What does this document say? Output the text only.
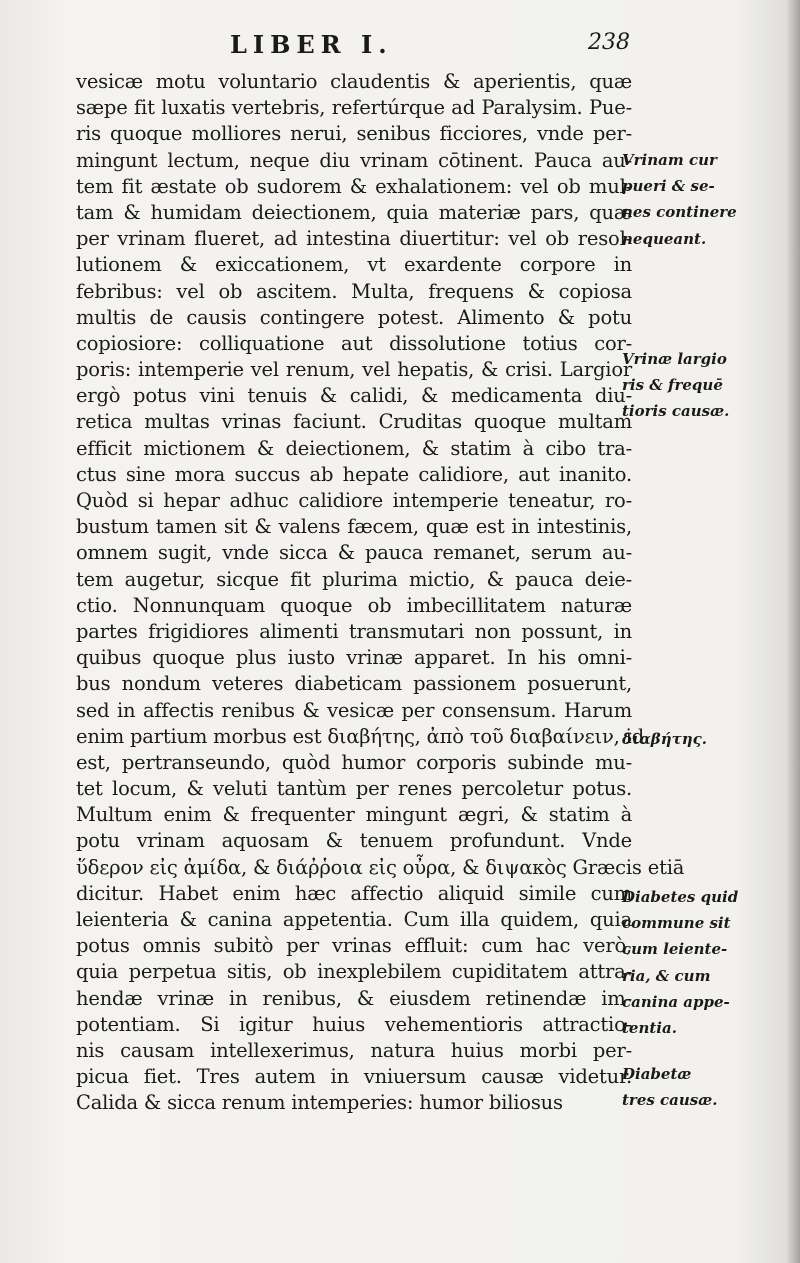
LIBER I.	238
vesicæ motu voluntario claudentis & aperientis, quæ
sæpe fit luxatis vertebris, refertúrque ad Paralysim. Pue-
ris quoque molliores nerui, senibus ficciores, vnde per-
mingunt lectum, neque diu vrinam cōtinent. Pauca au-
tem fit æstate ob sudorem & exhalationem: vel ob mul-
tam & humidam deiectionem, quia materiæ pars, quæ
per vrinam flueret, ad intestina diuertitur: vel ob resol-
lutionem & exiccationem, vt exardente corpore in
febribus: vel ob ascitem. Multa, frequens & copiosa
multis de causis contingere potest. Alimento & potu
copiosiore: colliquatione aut dissolutione totius cor-
poris: intemperie vel renum, vel hepatis, & crisi. Largior
ergò potus vini tenuis & calidi, & medicamenta diu-
retica multas vrinas faciunt. Cruditas quoque multam
efficit mictionem & deiectionem, & statim à cibo tra-
ctus sine mora succus ab hepate calidiore, aut inanito.
Quòd si hepar adhuc calidiore intemperie teneatur, ro-
bustum tamen sit & valens fæcem, quæ est in intestinis,
omnem sugit, vnde sicca & pauca remanet, serum au-
tem augetur, sicque fit plurima mictio, & pauca deie-
ctio. Nonnunquam quoque ob imbecillitatem naturæ
partes frigidiores alimenti transmutari non possunt, in
quibus quoque plus iusto vrinæ apparet. In his omni-
bus nondum veteres diabeticam passionem posuerunt,
sed in affectis renibus & vesicæ per consensum. Harum
enim partium morbus est διαβήτης, ἀπὸ τοῦ διαβαίνειν, id
est, pertranseundo, quòd humor corporis subinde mu-
tet locum, & veluti tantùm per renes percoletur potus.
Multum enim & frequenter mingunt ægri, & statim à
potu vrinam aquosam & tenuem profundunt. Vnde
ὕδερον εἰς ἀμίδα, & διάῤῥοια εἰς οὖρα, & διψακὸς Græcis etiā
dicitur. Habet enim hæc affectio aliquid simile cum
leienteria & canina appetentia. Cum illa quidem, quia
potus omnis subitò per vrinas effluit: cum hac verò,
quia perpetua sitis, ob inexplebilem cupiditatem attra-
hendæ vrinæ in renibus, & eiusdem retinendæ im-
potentiam. Si igitur huius vehementioris attractio-
nis causam intellexerimus, natura huius morbi per-
picua fiet. Tres autem in vniuersum causæ videtur.
Calida & sicca renum intemperies: humor biliosus
Vrinam cur
pueri & se-
nes continere
nequeant.
Vrinæ largio
ris & frequē
tioris causæ.
διαβήτης.
Diabetes quid
commune sit
cum leiente-
ria, & cum
canina appe-
tentia.
Diabetæ
tres causæ.
